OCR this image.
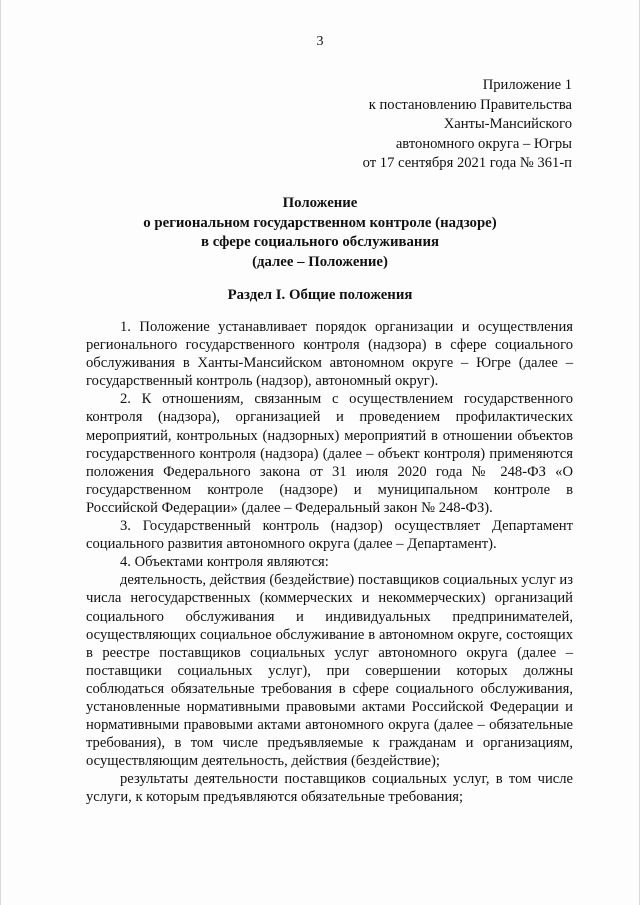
3
Приложение 1
к постановлению Правительства
Ханты-Мансийского
автономного округа – Югры
от 17 сентября 2021 года № 361-п
Положение
о региональном государственном контроле (надзоре)
в сфере социального обслуживания
(далее – Положение)
Раздел I. Общие положения

1. Положение устанавливает порядок организации и осуществления регионального государственного контроля (надзора) в сфере социального обслуживания в Ханты-Мансийском автономном округе – Югре (далее – государственный контроль (надзор), автономный округ).

2. К отношениям, связанным с осуществлением государственного контроля (надзора), организацией и проведением профилактических мероприятий, контрольных (надзорных) мероприятий в отношении объектов государственного контроля (надзора) (далее – объект контроля) применяются положения Федерального закона от 31 июля 2020 года № 248-ФЗ «О государственном контроле (надзоре) и муниципальном контроле в Российской Федерации» (далее – Федеральный закон № 248-ФЗ).

3. Государственный контроль (надзор) осуществляет Департамент социального развития автономного округа (далее – Департамент).

4. Объектами контроля являются:

деятельность, действия (бездействие) поставщиков социальных услуг из числа негосударственных (коммерческих и некоммерческих) организаций социального обслуживания и индивидуальных предпринимателей, осуществляющих социальное обслуживание в автономном округе, состоящих в реестре поставщиков социальных услуг автономного округа (далее – поставщики социальных услуг), при совершении которых должны соблюдаться обязательные требования в сфере социального обслуживания, установленные нормативными правовыми актами Российской Федерации и нормативными правовыми актами автономного округа (далее – обязательные требования), в том числе предъявляемые к гражданам и организациям, осуществляющим деятельность, действия (бездействие);

результаты деятельности поставщиков социальных услуг, в том числе услуги, к которым предъявляются обязательные требования;
